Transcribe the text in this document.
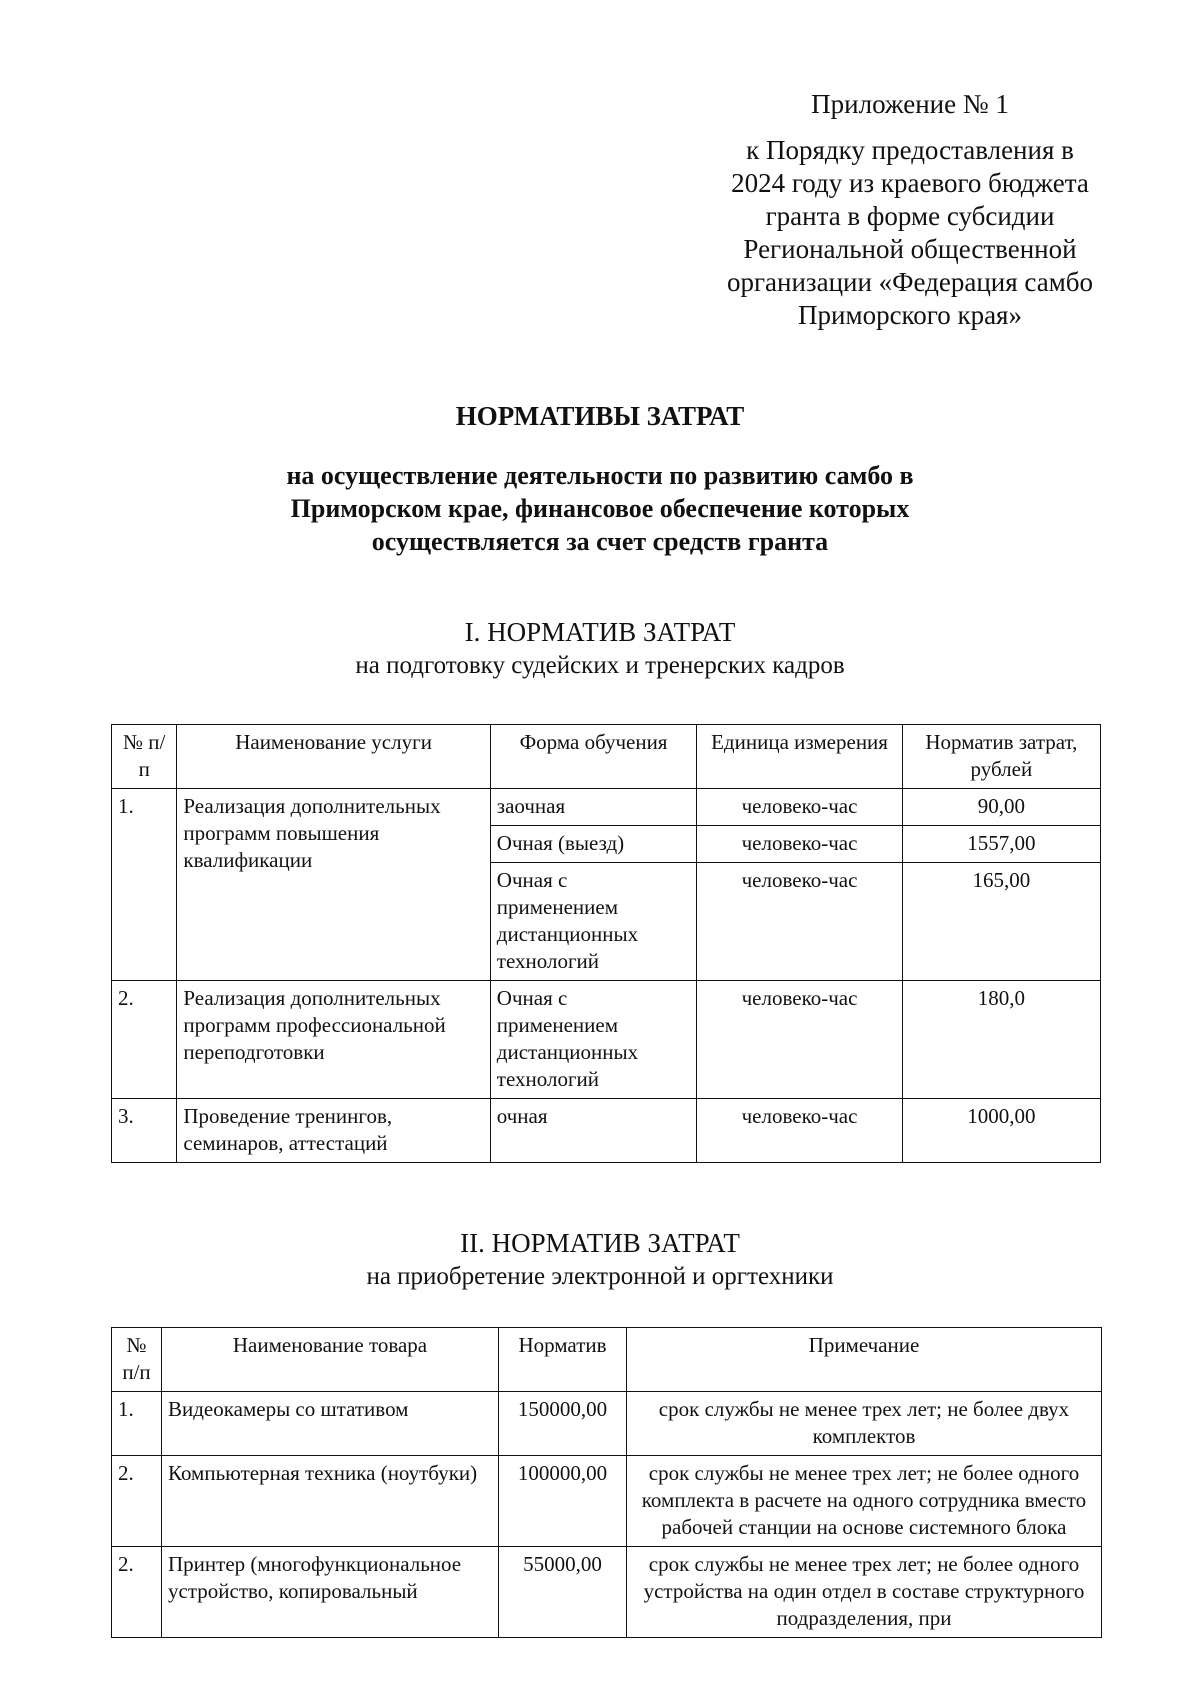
Приложение № 1
к Порядку предоставления в
2024 году из краевого бюджета
гранта в форме субсидии
Региональной общественной
организации «Федерация самбо
Приморского края»
НОРМАТИВЫ ЗАТРАТ
на осуществление деятельности по развитию самбо в
Приморском крае, финансовое обеспечение которых
осуществляется за счет средств гранта
I. НОРМАТИВ ЗАТРАТ
на подготовку судейских и тренерских кадров
№ п/п	Наименование услуги	Форма обучения	Единица измерения	Норматив затрат, рублей
1.	Реализация дополнительных программ повышения квалификации	заочная	человеко-час	90,00
		Очная (выезд)	человеко-час	1557,00
		Очная с применением дистанционных технологий	человеко-час	165,00
2.	Реализация дополнительных программ профессиональной переподготовки	Очная с применением дистанционных технологий	человеко-час	180,0
3.	Проведение тренингов, семинаров, аттестаций	очная	человеко-час	1000,00
II. НОРМАТИВ ЗАТРАТ
на приобретение электронной и оргтехники
№ п/п	Наименование товара	Норматив	Примечание
1.	Видеокамеры со штативом	150000,00	срок службы не менее трех лет; не более двух комплектов
2.	Компьютерная техника (ноутбуки)	100000,00	срок службы не менее трех лет; не более одного комплекта в расчете на одного сотрудника вместо рабочей станции на основе системного блока
2.	Принтер (многофункциональное устройство, копировальный	55000,00	срок службы не менее трех лет; не более одного устройства на один отдел в составе структурного подразделения, при
